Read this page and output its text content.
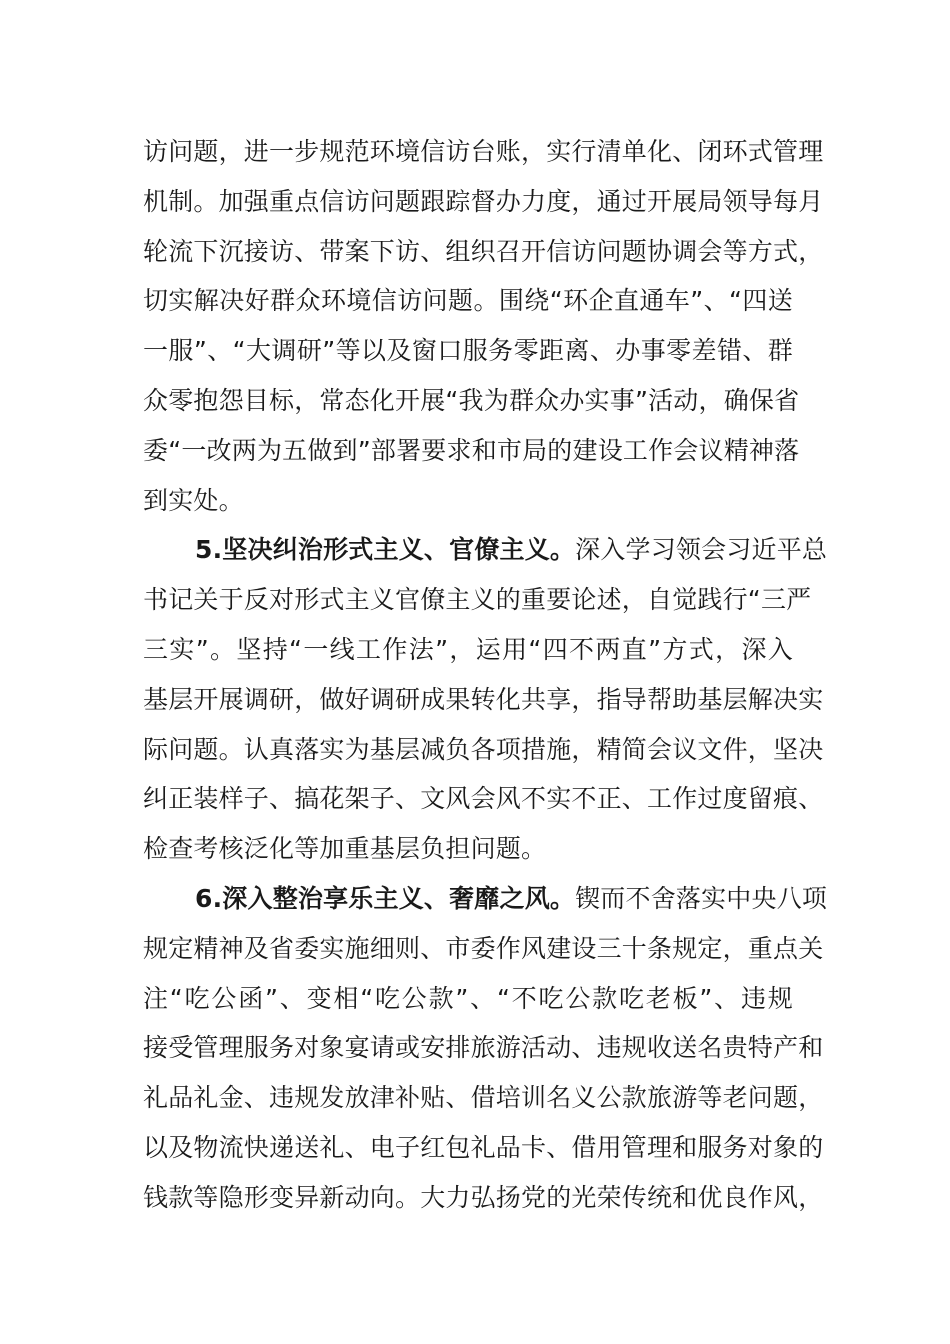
访问题，进一步规范环境信访台账，实行清单化、闭环式管理
机制。加强重点信访问题跟踪督办力度，通过开展局领导每月
轮流下沉接访、带案下访、组织召开信访问题协调会等方式，
切实解决好群众环境信访问题。围绕“环企直通车”、“四送
一服”、“大调研”等以及窗口服务零距离、办事零差错、群
众零抱怨目标，常态化开展“我为群众办实事”活动，确保省
委“一改两为五做到”部署要求和市局的建设工作会议精神落
到实处。
5.坚决纠治形式主义、官僚主义。深入学习领会习近平总
书记关于反对形式主义官僚主义的重要论述，自觉践行“三严
三实”。坚持“一线工作法”，运用“四不两直”方式，深入
基层开展调研，做好调研成果转化共享，指导帮助基层解决实
际问题。认真落实为基层减负各项措施，精简会议文件，坚决
纠正装样子、搞花架子、文风会风不实不正、工作过度留痕、
检查考核泛化等加重基层负担问题。
6.深入整治享乐主义、奢靡之风。锲而不舍落实中央八项
规定精神及省委实施细则、市委作风建设三十条规定，重点关
注“吃公函”、变相“吃公款”、“不吃公款吃老板”、违规
接受管理服务对象宴请或安排旅游活动、违规收送名贵特产和
礼品礼金、违规发放津补贴、借培训名义公款旅游等老问题，
以及物流快递送礼、电子红包礼品卡、借用管理和服务对象的
钱款等隐形变异新动向。大力弘扬党的光荣传统和优良作风，
